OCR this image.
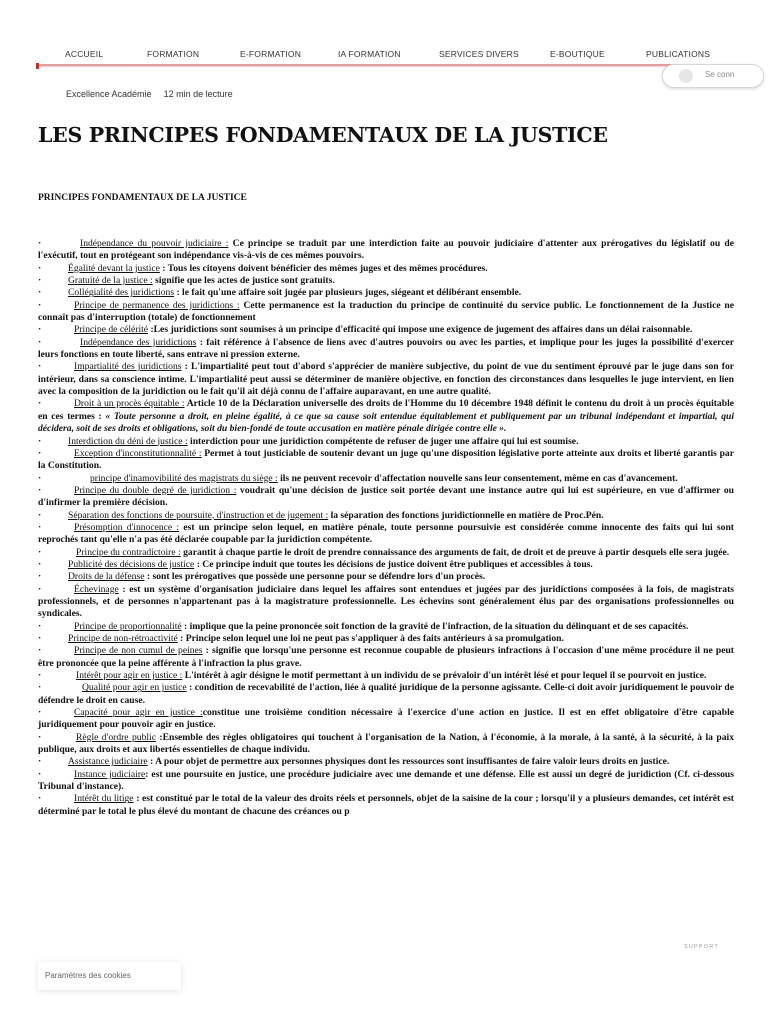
ACCUEIL	FORMATION	E-FORMATION	IA FORMATION	SERVICES DIVERS	E-BOUTIQUE	PUBLICATIONS
Se conn
Excellence Académie 12 min de lecture
LES PRINCIPES FONDAMENTAUX DE LA JUSTICE
PRINCIPES FONDAMENTAUX DE LA JUSTICE

·	Indépendance du pouvoir judiciaire : Ce principe se traduit par une interdiction faite au pouvoir judiciaire d'attenter aux prérogatives du législatif ou de l'exécutif, tout en protégeant son indépendance vis-à-vis de ces mêmes pouvoirs.

·	Égalité devant la justice : Tous les citoyens doivent bénéficier des mêmes juges et des mêmes procédures.

·	Gratuité de la justice : signifie que les actes de justice sont gratuits.

·	Collégialité des juridictions : le fait qu'une affaire soit jugée par plusieurs juges, siégeant et délibérant ensemble.

·	Principe de permanence des juridictions : Cette permanence est la traduction du principe de continuité du service public. Le fonctionnement de la Justice ne connaît pas d'interruption (totale) de fonctionnement

·	Principe de célérité :Les juridictions sont soumises à un principe d'efficacité qui impose une exigence de jugement des affaires dans un délai raisonnable.

·	Indépendance des juridictions : fait référence à l'absence de liens avec d'autres pouvoirs ou avec les parties, et implique pour les juges la possibilité d'exercer leurs fonctions en toute liberté, sans entrave ni pression externe.

·	Impartialité des juridictions : L'impartialité peut tout d'abord s'apprécier de manière subjective, du point de vue du sentiment éprouvé par le juge dans son for intérieur, dans sa conscience intime. L'impartialité peut aussi se déterminer de manière objective, en fonction des circonstances dans lesquelles le juge intervient, en lien avec la composition de la juridiction ou le fait qu'il ait déjà connu de l'affaire auparavant, en une autre qualité.

·	Droit à un procès équitable : Article 10 de la Déclaration universelle des droits de l'Homme du 10 décembre 1948 définit le contenu du droit à un procès équitable en ces termes : « Toute personne a droit, en pleine égalité, à ce que sa cause soit entendue équitablement et publiquement par un tribunal indépendant et impartial, qui décidera, soit de ses droits et obligations, soit du bien-fondé de toute accusation en matière pénale dirigée contre elle ».

·	Interdiction du déni de justice : interdiction pour une juridiction compétente de refuser de juger une affaire qui lui est soumise.

·	Exception d'inconstitutionnalité : Permet à tout justiciable de soutenir devant un juge qu'une disposition législative porte atteinte aux droits et liberté garantis par la Constitution.

·	principe d'inamovibilité des magistrats du siège : ils ne peuvent recevoir d'affectation nouvelle sans leur consentement, même en cas d'avancement.

·	Principe du double degré de juridiction : voudrait qu'une décision de justice soit portée devant une instance autre qui lui est supérieure, en vue d'affirmer ou d'infirmer la première décision.

·	Séparation des fonctions de poursuite, d'instruction et de jugement : la séparation des fonctions juridictionnelle en matière de Proc.Pén.

·	Présomption d'innocence : est un principe selon lequel, en matière pénale, toute personne poursuivie est considérée comme innocente des faits qui lui sont reprochés tant qu'elle n'a pas été déclarée coupable par la juridiction compétente.

·	Principe du contradictoire : garantit à chaque partie le droit de prendre connaissance des arguments de fait, de droit et de preuve à partir desquels elle sera jugée.

·	Publicité des décisions de justice : Ce principe induit que toutes les décisions de justice doivent être publiques et accessibles à tous.

·	Droits de la défense : sont les prérogatives que possède une personne pour se défendre lors d'un procès.

·	Échevinage : est un système d'organisation judiciaire dans lequel les affaires sont entendues et jugées par des juridictions composées à la fois, de magistrats professionnels, et de personnes n'appartenant pas à la magistrature professionnelle. Les échevins sont généralement élus par des organisations professionnelles ou syndicales.

·	Principe de proportionnalité : implique que la peine prononcée soit fonction de la gravité de l'infraction, de la situation du délinquant et de ses capacités.

·	Principe de non-rétroactivité : Principe selon lequel une loi ne peut pas s'appliquer à des faits antérieurs à sa promulgation.

·	Principe de non cumul de peines : signifie que lorsqu'une personne est reconnue coupable de plusieurs infractions à l'occasion d'une même procédure il ne peut être prononcée que la peine afférente à l'infraction la plus grave.

·	Intérêt pour agir en justice : L'intérêt à agir désigne le motif permettant à un individu de se prévaloir d'un intérêt lésé et pour lequel il se pourvoit en justice.

·	Qualité pour agir en justice : condition de recevabilité de l'action, liée à qualité juridique de la personne agissante. Celle-ci doit avoir juridiquement le pouvoir de défendre le droit en cause.

·	Capacité pour agir en justice :constitue une troisième condition nécessaire à l'exercice d'une action en justice. Il est en effet obligatoire d'être capable juridiquement pour pouvoir agir en justice.

·	Règle d'ordre public :Ensemble des règles obligatoires qui touchent à l'organisation de la Nation, à l'économie, à la morale, à la santé, à la sécurité, à la paix publique, aux droits et aux libertés essentielles de chaque individu.

·	Assistance judiciaire : A pour objet de permettre aux personnes physiques dont les ressources sont insuffisantes de faire valoir leurs droits en justice.

·	Instance judiciaire: est une poursuite en justice, une procédure judiciaire avec une demande et une défense. Elle est aussi un degré de juridiction (Cf. ci-dessous Tribunal d'instance).

·	Intérêt du litige : est constitué par le total de la valeur des droits réels et personnels, objet de la saisine de la cour ; lorsqu'il y a plusieurs demandes, cet intérêt est déterminé par le total le plus élevé du montant de chacune des créances ou p

Paramètres des cookies
SUPPORT
